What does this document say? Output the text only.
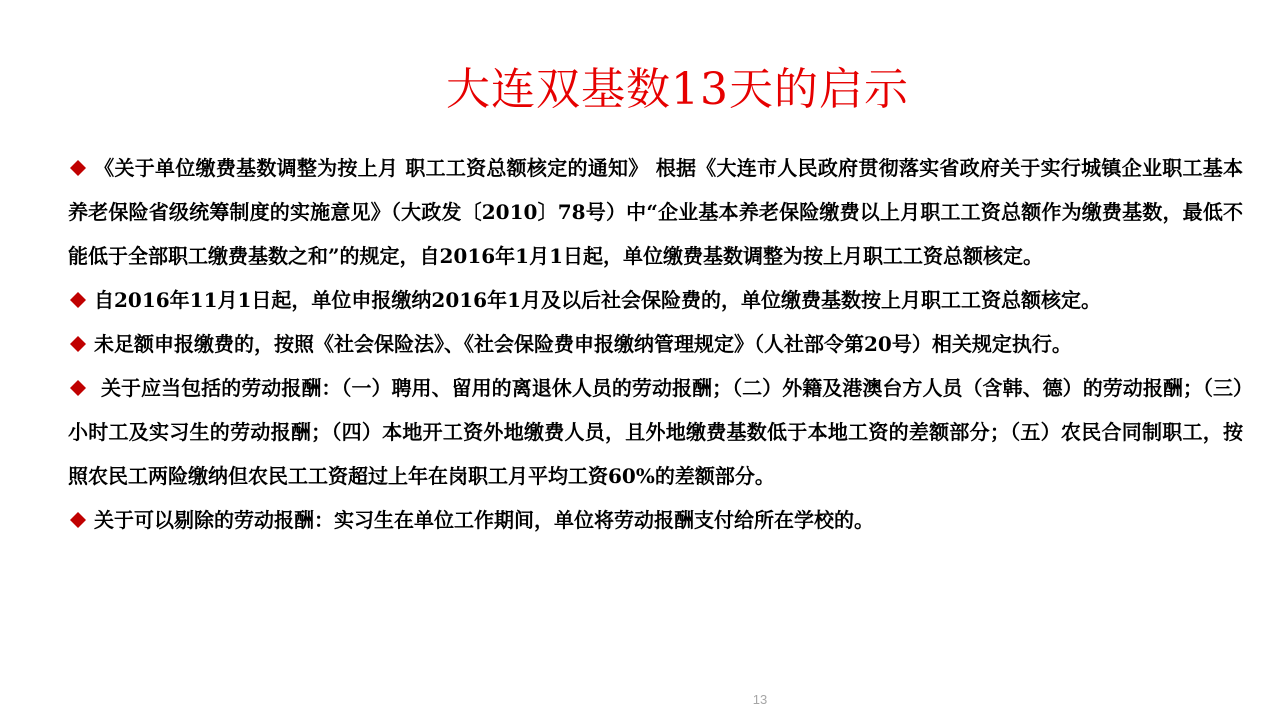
大连双基数13天的启示

《关于单位缴费基数调整为按上月 职工工资总额核定的通知》 根据《大连市人民政府贯彻落实省政府关于实行城镇企业职工基本养老保险省级统筹制度的实施意见》（大政发〔2010〕78号）中“企业基本养老保险缴费以上月职工工资总额作为缴费基数，最低不能低于全部职工缴费基数之和”的规定，自2016年1月1日起，单位缴费基数调整为按上月职工工资总额核定。

自2016年11月1日起，单位申报缴纳2016年1月及以后社会保险费的，单位缴费基数按上月职工工资总额核定。

未足额申报缴费的，按照《社会保险法》、《社会保险费申报缴纳管理规定》（人社部令第20号）相关规定执行。

关于应当包括的劳动报酬：（一）聘用、留用的离退休人员的劳动报酬；（二）外籍及港澳台方人员（含韩、德）的劳动报酬；（三）小时工及实习生的劳动报酬；（四）本地开工资外地缴费人员，且外地缴费基数低于本地工资的差额部分；（五）农民合同制职工，按照农民工两险缴纳但农民工工资超过上年在岗职工月平均工资60%的差额部分。

关于可以剔除的劳动报酬：实习生在单位工作期间，单位将劳动报酬支付给所在学校的。

13
